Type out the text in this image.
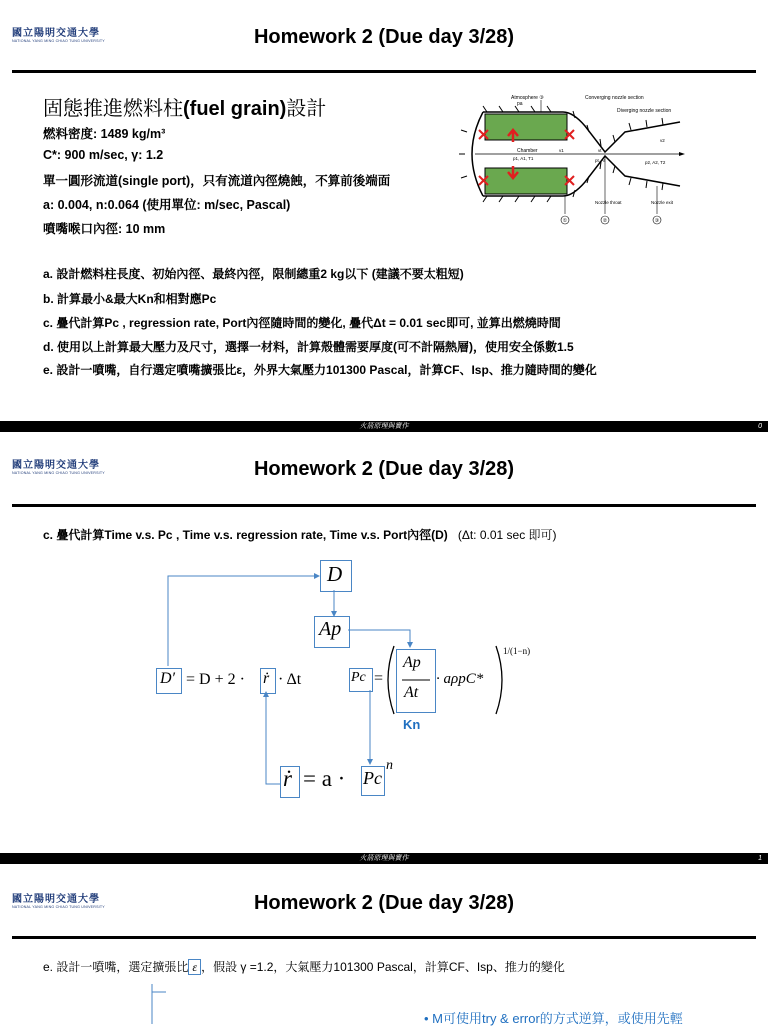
國立陽明交通大學
NATIONAL YANG MING CHIAO TUNG UNIVERSITY	Homework 2 (Due day 3/28)
固態推進燃料柱(fuel grain)設計
燃料密度: 1489 kg/m³
C*: 900 m/sec, γ: 1.2
單一圓形流道(single port)，只有流道內徑燒蝕，不算前後端面
a: 0.004, n:0.064 (使用單位: m/sec, Pascal)
噴嘴喉口內徑: 10 mm
①	②	③
Atmosphere ③
pa
Converging nozzle section
Diverging nozzle section
Chamber
p1, A1, T1
v1	vt
v2
pt, At	p2, A2, T2
Nozzle throat	Nozzle exit
a. 設計燃料柱長度、初始內徑、最終內徑，限制總重2 kg以下 (建議不要太粗短)
b. 計算最小&最大Kn和相對應Pc
c. 疊代計算Pc , regression rate, Port內徑隨時間的變化, 疊代Δt = 0.01 sec即可, 並算出燃燒時間
d. 使用以上計算最大壓力及尺寸，選擇一材料，計算殼體需要厚度(可不計隔熱層)，使用安全係數1.5
e. 設計一噴嘴，自行選定噴嘴擴張比ε，外界大氣壓力101300 Pascal，計算CF、Isp、推力隨時間的變化
火箭原理與實作	0
國立陽明交通大學
NATIONAL YANG MING CHIAO TUNG UNIVERSITY	Homework 2 (Due day 3/28)
c. 疊代計算Time v.s. Pc , Time v.s. regression rate, Time v.s. Port內徑(D) (Δt: 0.01 sec 即可)
D
Ap
D′ = D + 2 · ṙ · Δt	Pc =
Ap
At
· aρpC*
1/(1−n)
Kn
ṙ = a · Pc
n
火箭原理與實作	1
國立陽明交通大學
NATIONAL YANG MING CHIAO TUNG UNIVERSITY	Homework 2 (Due day 3/28)
e. 設計一噴嘴，選定擴張比 ε ，假設 γ =1.2，大氣壓力101300 Pascal，計算CF、Isp、推力的變化
• M可使用try & error的方式逆算，或使用先輕
